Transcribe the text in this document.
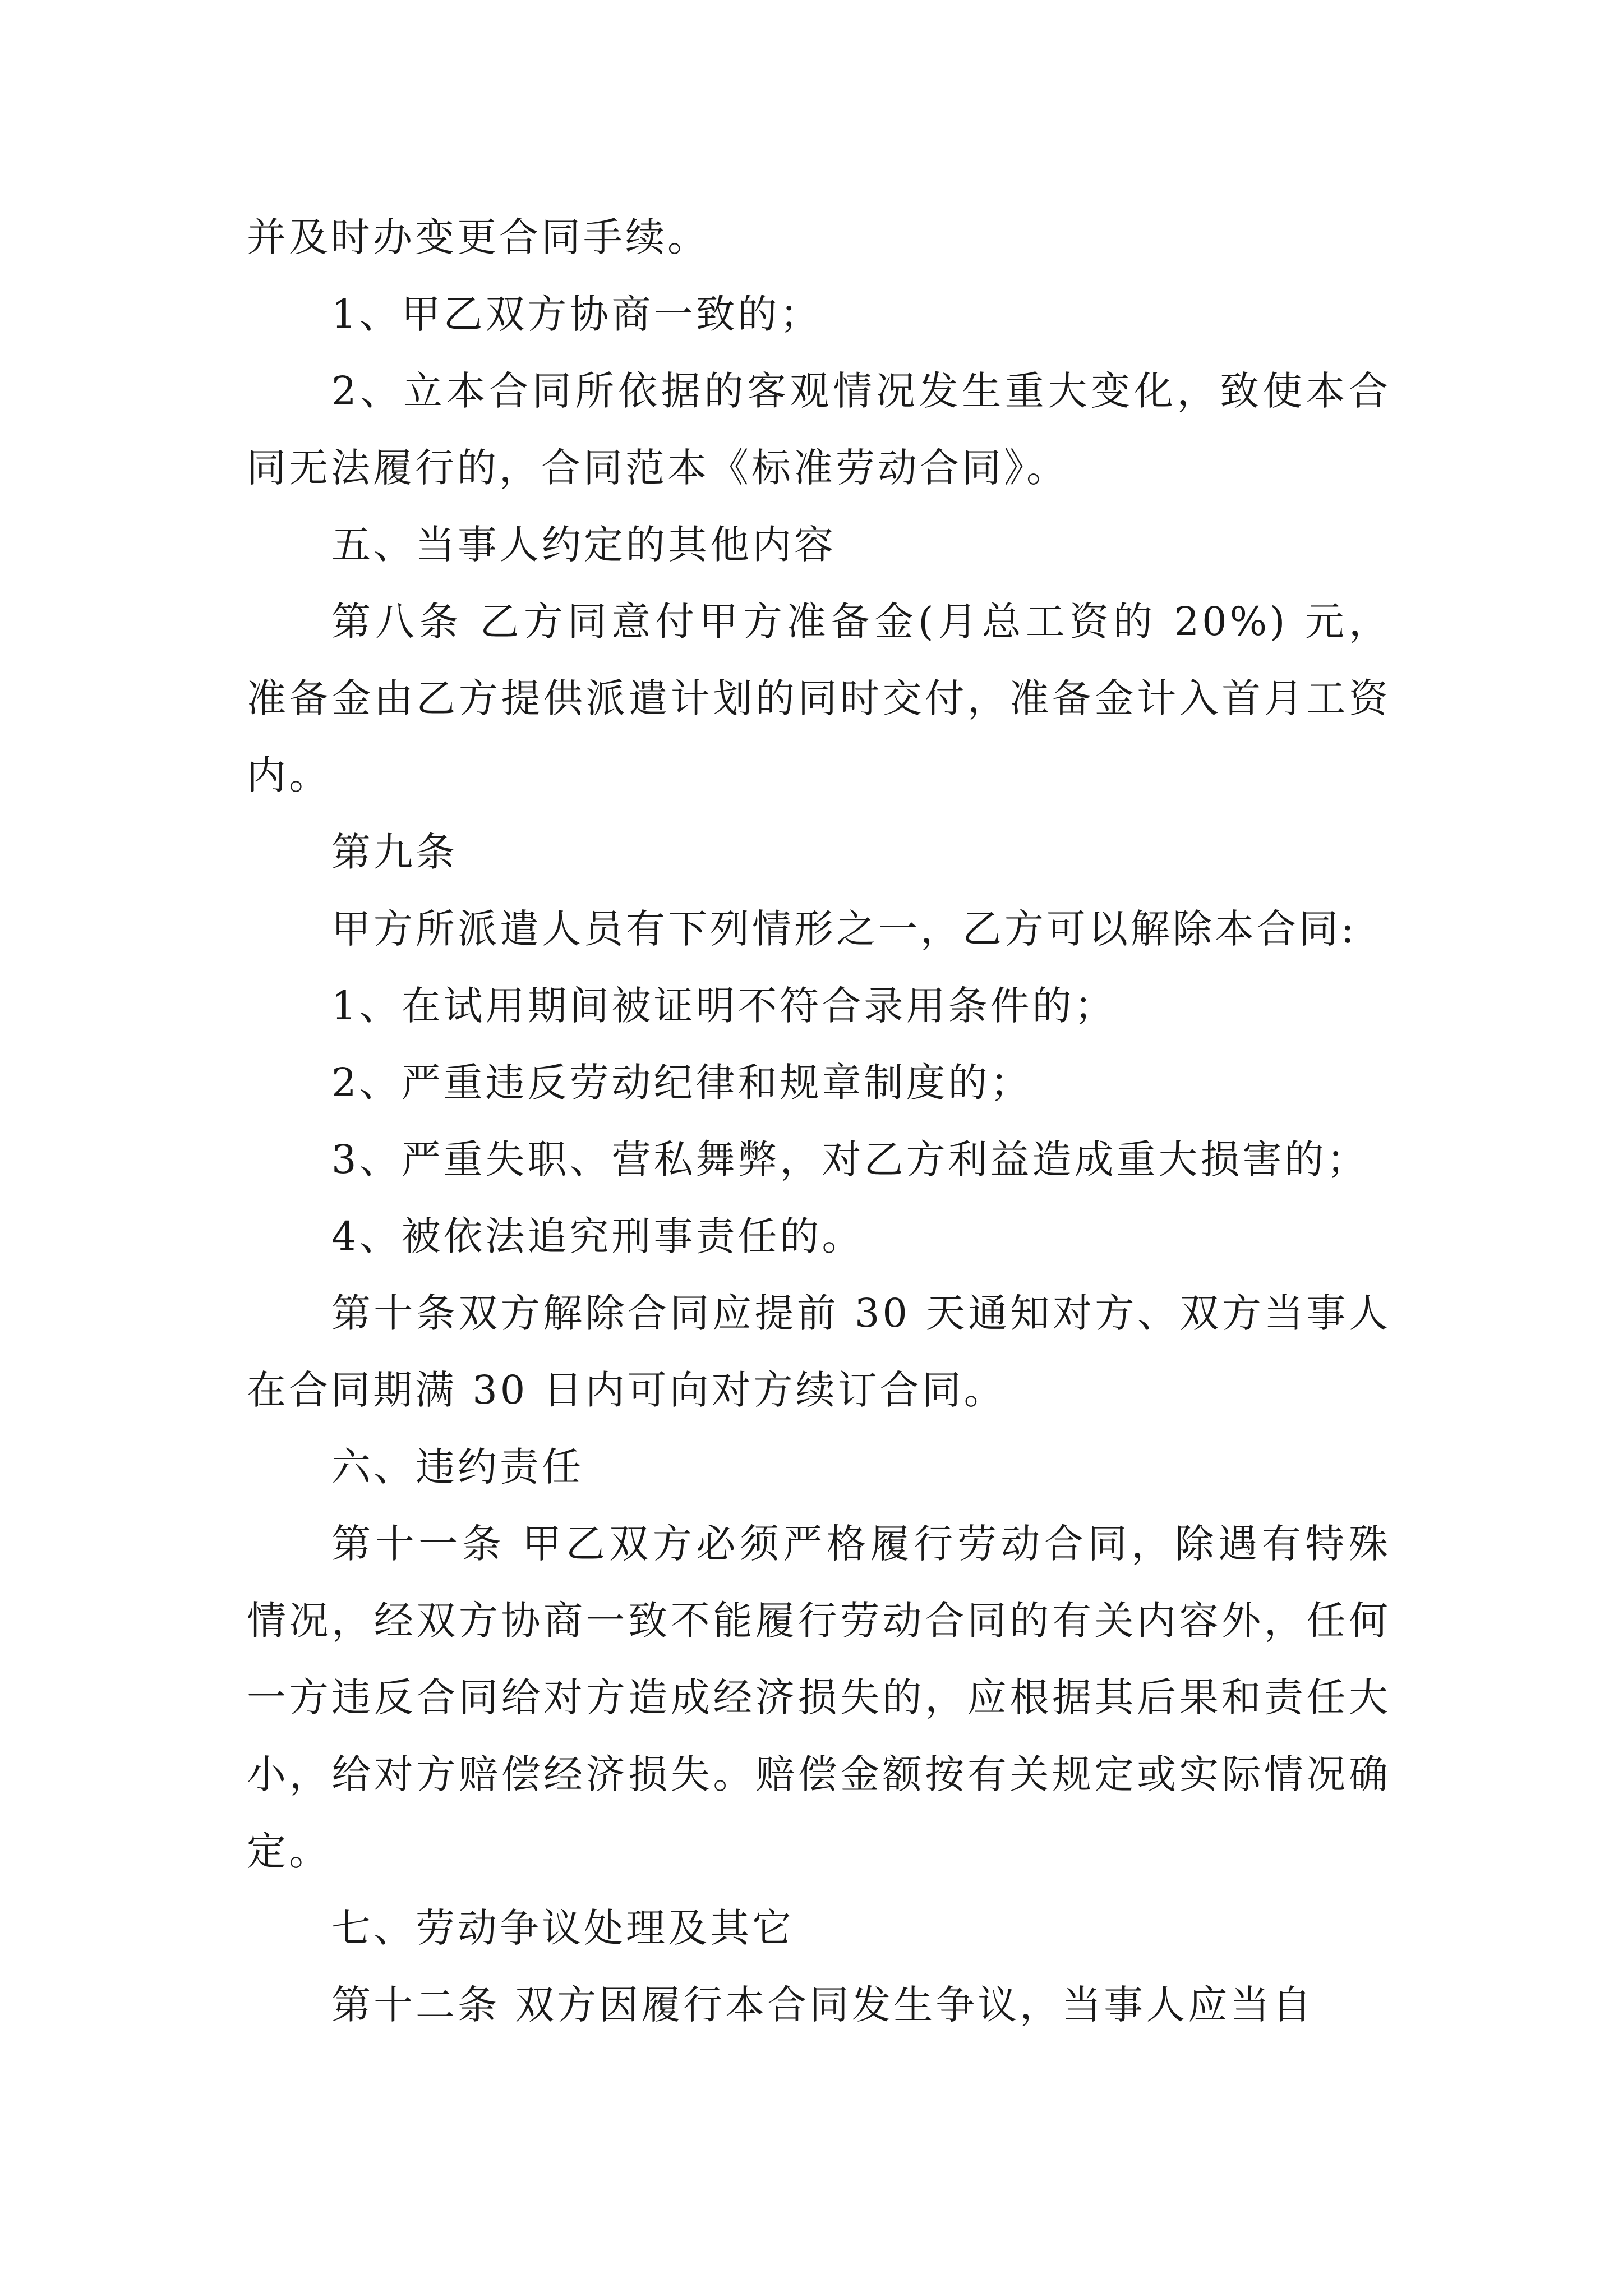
并及时办变更合同手续。

1、甲乙双方协商一致的；

2、立本合同所依据的客观情况发生重大变化，致使本合同无法履行的，合同范本《标准劳动合同》。

五、当事人约定的其他内容

第八条 乙方同意付甲方准备金(月总工资的 20%) 元，准备金由乙方提供派遣计划的同时交付，准备金计入首月工资内。

第九条

甲方所派遣人员有下列情形之一，乙方可以解除本合同:

1、在试用期间被证明不符合录用条件的；

2、严重违反劳动纪律和规章制度的；

3、严重失职、营私舞弊，对乙方利益造成重大损害的；

4、被依法追究刑事责任的。

第十条双方解除合同应提前 30 天通知对方、双方当事人在合同期满 30 日内可向对方续订合同。

六、违约责任

第十一条 甲乙双方必须严格履行劳动合同，除遇有特殊情况，经双方协商一致不能履行劳动合同的有关内容外，任何一方违反合同给对方造成经济损失的，应根据其后果和责任大小，给对方赔偿经济损失。赔偿金额按有关规定或实际情况确定。

七、劳动争议处理及其它

第十二条 双方因履行本合同发生争议，当事人应当自
